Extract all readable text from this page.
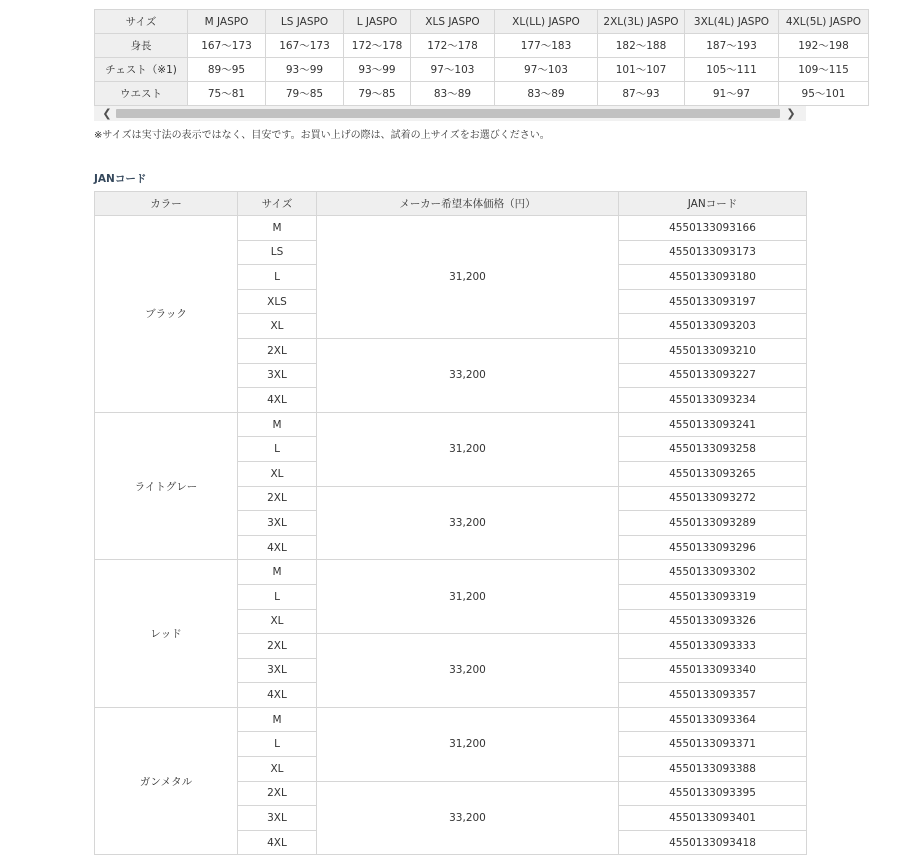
サイズ	M JASPO	LS JASPO	L JASPO	XLS JASPO	XL(LL) JASPO	2XL(3L) JASPO	3XL(4L) JASPO	4XL(5L) JASPO
身長	167～173	167～173	172～178	172～178	177～183	182～188	187～193	192～198
チェスト（※1)	89～95	93～99	93～99	97～103	97～103	101～107	105～111	109～115
ウエスト	75～81	79～85	79～85	83～89	83～89	87～93	91～97	95～101
❮	❯
※サイズは実寸法の表示ではなく、目安です。お買い上げの際は、試着の上サイズをお選びください。
JANコード
カラー	サイズ	メーカー希望本体価格（円）	JANコード
ブラック	M	31,200	4550133093166
	LS		4550133093173
	L		4550133093180
	XLS		4550133093197
	XL		4550133093203
	2XL	33,200	4550133093210
	3XL		4550133093227
	4XL		4550133093234
ライトグレー	M	31,200	4550133093241
	L		4550133093258
	XL		4550133093265
	2XL	33,200	4550133093272
	3XL		4550133093289
	4XL		4550133093296
レッド	M	31,200	4550133093302
	L		4550133093319
	XL		4550133093326
	2XL	33,200	4550133093333
	3XL		4550133093340
	4XL		4550133093357
ガンメタル	M	31,200	4550133093364
	L		4550133093371
	XL		4550133093388
	2XL	33,200	4550133093395
	3XL		4550133093401
	4XL		4550133093418
